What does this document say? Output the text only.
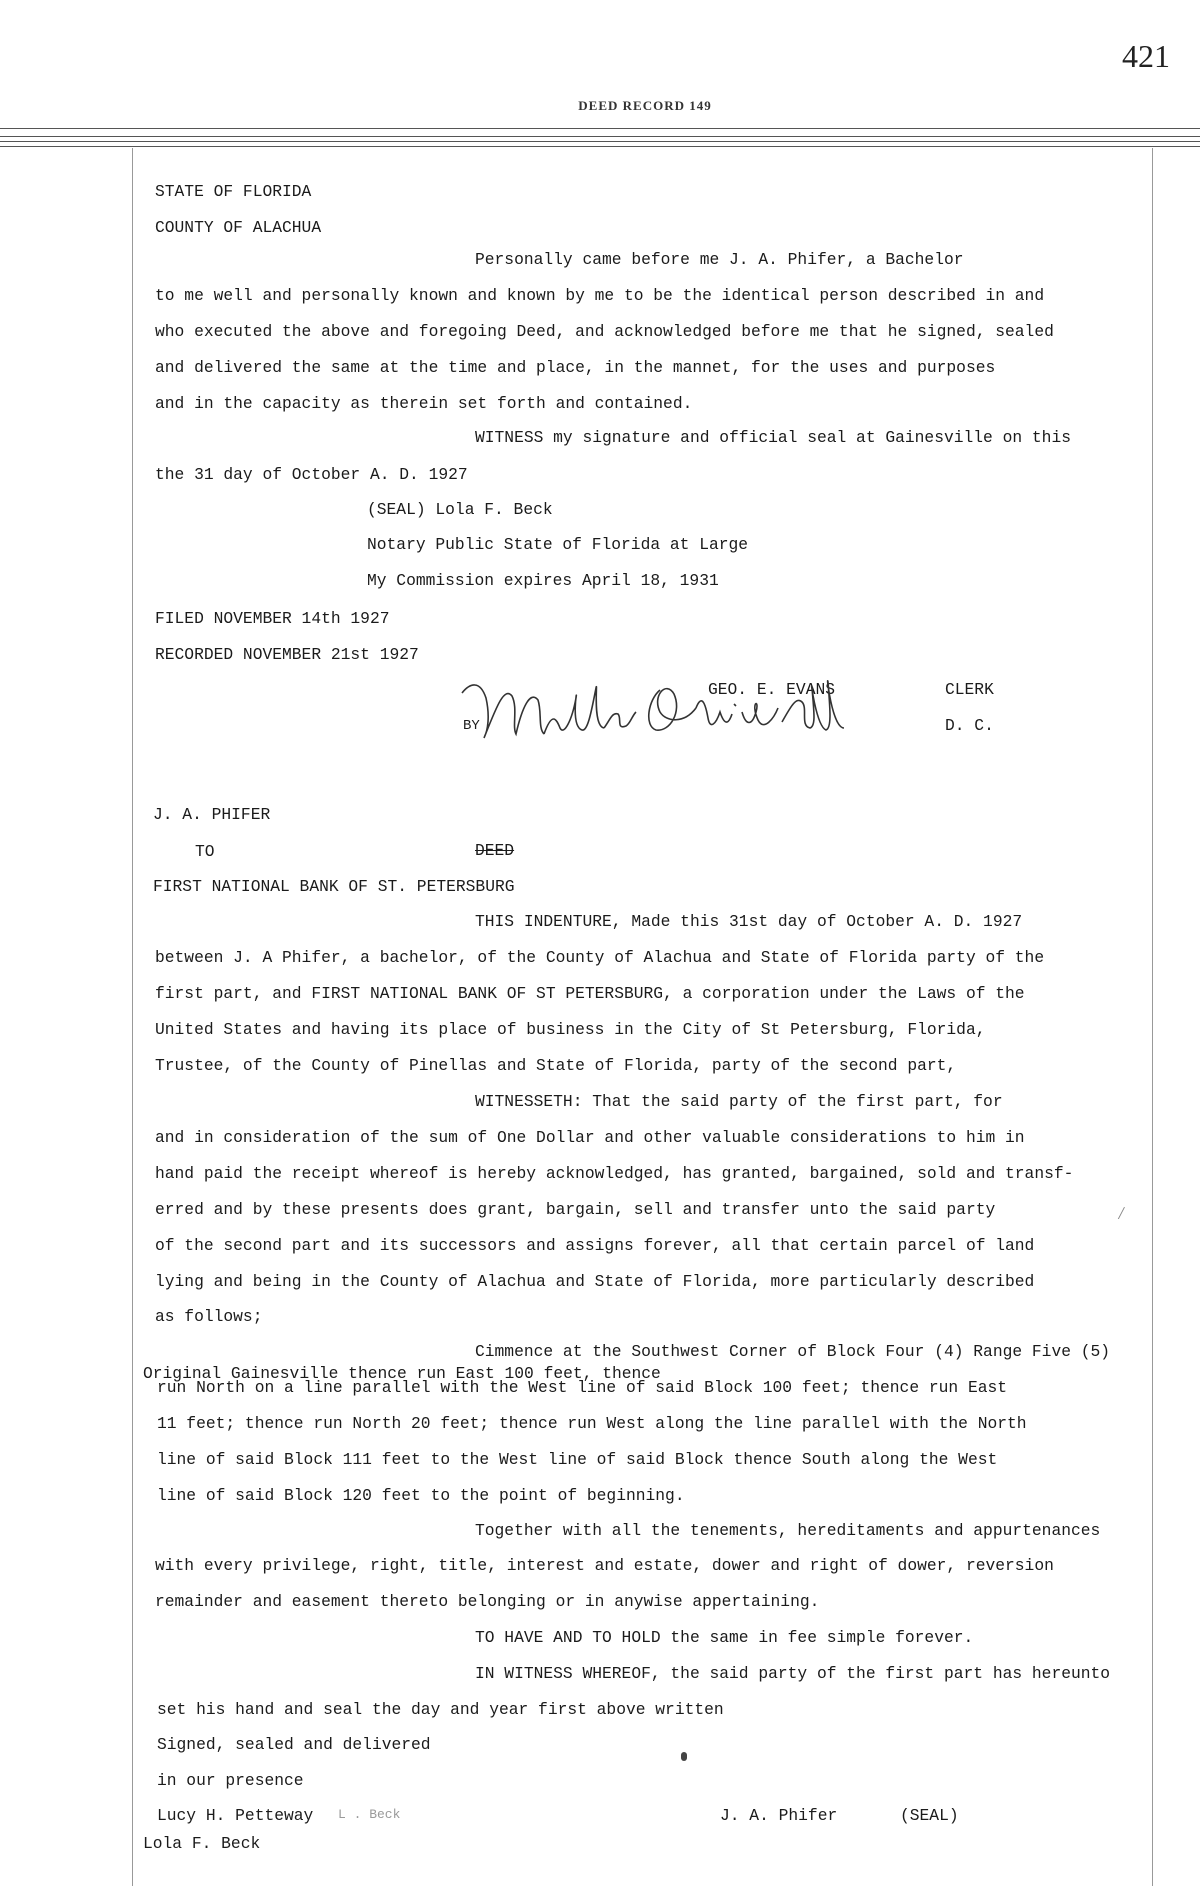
421
DEED RECORD 149
STATE OF FLORIDA
COUNTY OF ALACHUA
Personally came before me J. A. Phifer, a Bachelor
to me well and personally known and known by me to be the identical person described in and
who executed the above and foregoing Deed, and acknowledged before me that he signed, sealed
and delivered the same at the time and place, in the mannet, for the uses and purposes
and in the capacity as therein set forth and contained.
WITNESS my signature and official seal at Gainesville on this
the 31 day of October A. D. 1927
(SEAL) Lola F. Beck
Notary Public State of Florida at Large
My Commission expires April 18, 1931
FILED NOVEMBER 14th 1927
RECORDED NOVEMBER 21st 1927
GEO. E. EVANS	CLERK
BY	D. C.
J. A. PHIFER
TO	DEED
FIRST NATIONAL BANK OF ST. PETERSBURG
THIS INDENTURE, Made this 31st day of October A. D. 1927
between J. A Phifer, a bachelor, of the County of Alachua and State of Florida party of the
first part, and FIRST NATIONAL BANK OF ST PETERSBURG, a corporation under the Laws of the
United States and having its place of business in the City of St Petersburg, Florida,
Trustee, of the County of Pinellas and State of Florida, party of the second part,
WITNESSETH: That the said party of the first part, for
and in consideration of the sum of One Dollar and other valuable considerations to him in
hand paid the receipt whereof is hereby acknowledged, has granted, bargained, sold and transf-
erred and by these presents does grant, bargain, sell and transfer unto the said party
of the second part and its successors and assigns forever, all that certain parcel of land
lying and being in the County of Alachua and State of Florida, more particularly described
as follows;
∕
Cimmence at the Southwest Corner of Block Four (4) Range Five (5)
Original Gainesville thence run East 100 feet, thence
run North on a line parallel with the West line of said Block 100 feet; thence run East
11 feet; thence run North 20 feet; thence run West along the line parallel with the North
line of said Block 111 feet to the West line of said Block thence South along the West
line of said Block 120 feet to the point of beginning.
Together with all the tenements, hereditaments and appurtenances
with every privilege, right, title, interest and estate, dower and right of dower, reversion
remainder and easement thereto belonging or in anywise appertaining.
TO HAVE AND TO HOLD the same in fee simple forever.
IN WITNESS WHEREOF, the said party of the first part has hereunto
set his hand and seal the day and year first above written
Signed, sealed and delivered
in our presence
Lucy H. Petteway L . Beck	J. A. Phifer	(SEAL)
Lola F. Beck
